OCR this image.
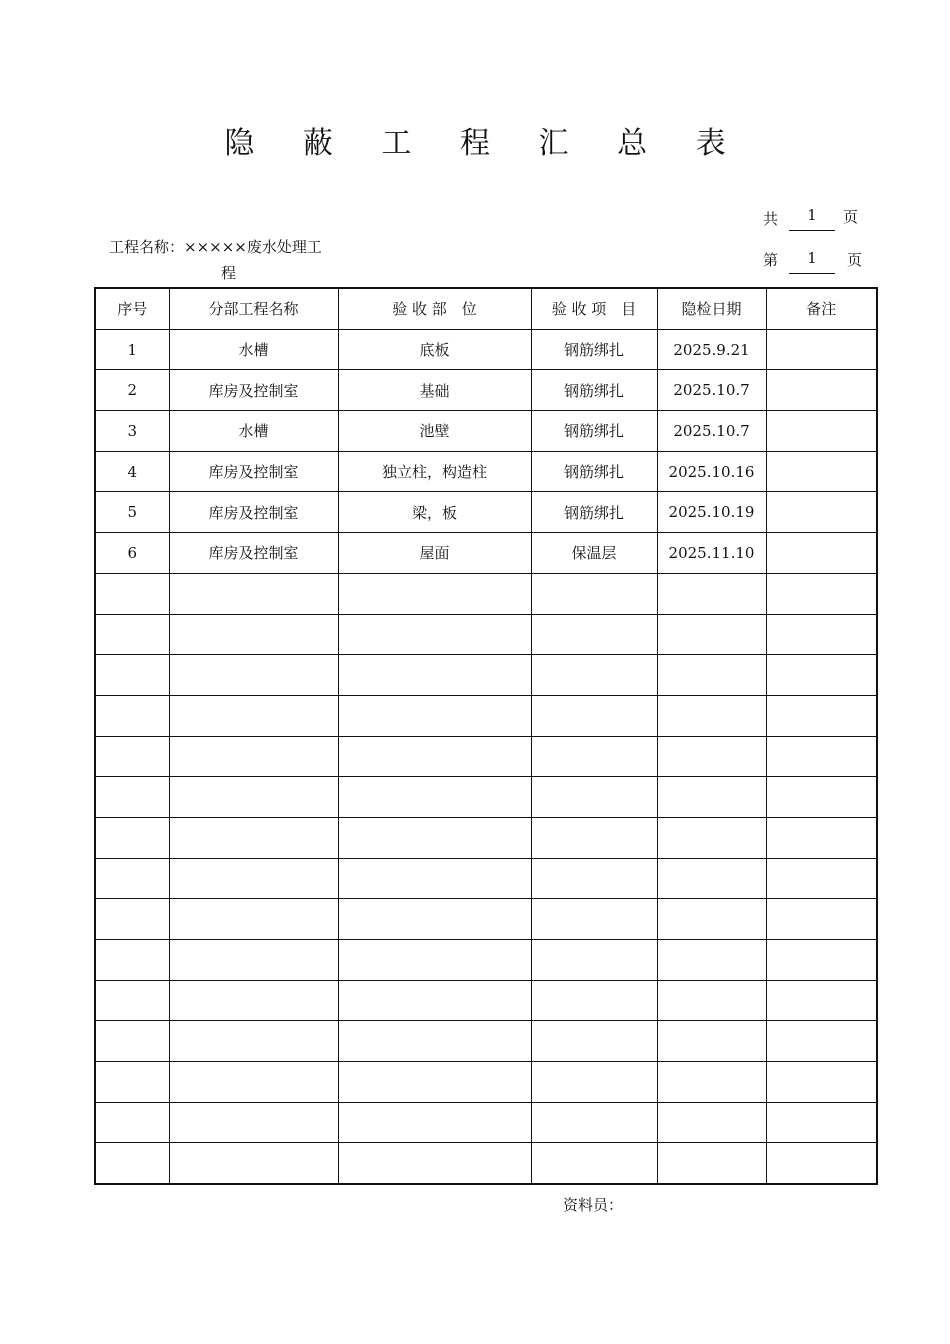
隐 蔽 工 程 汇 总 表
工程名称：×××××废水处理工
程
共	1	页
第	1	页
序号	分部工程名称	验 收 部　位	验 收 项　目	隐检日期	备注
1	水槽	底板	钢筋绑扎	2025.9.21	
2	库房及控制室	基础	钢筋绑扎	2025.10.7	
3	水槽	池壁	钢筋绑扎	2025.10.7	
4	库房及控制室	独立柱，构造柱	钢筋绑扎	2025.10.16	
5	库房及控制室	梁，板	钢筋绑扎	2025.10.19	
6	库房及控制室	屋面	保温层	2025.11.10	

资料员：
